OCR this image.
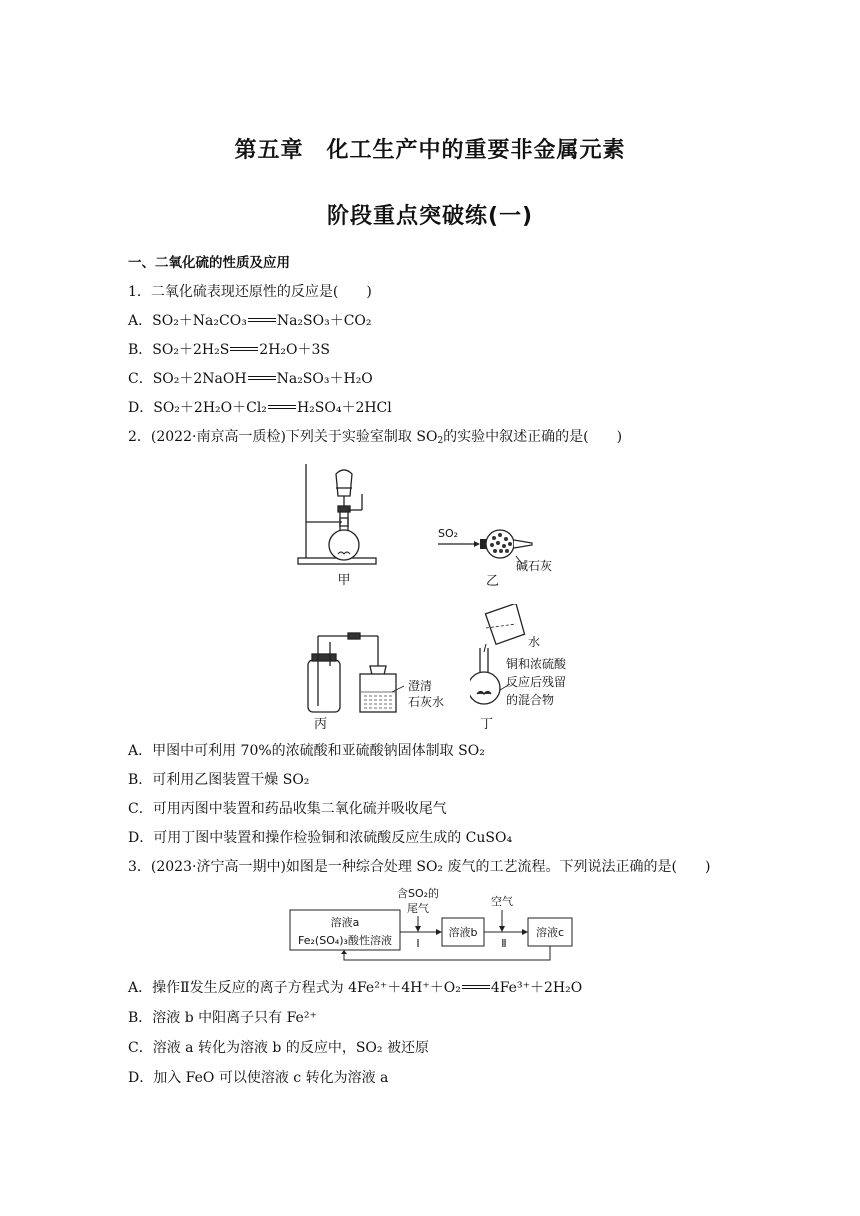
第五章　化工生产中的重要非金属元素
阶段重点突破练(一)
一、二氧化硫的性质及应用
1．二氧化硫表现还原性的反应是(　　)
A．SO₂＋Na₂CO₃ Na₂SO₃＋CO₂
B．SO₂＋2H₂S 2H₂O＋3S
C．SO₂＋2NaOH Na₂SO₃＋H₂O
D．SO₂＋2H₂O＋Cl₂ H₂SO₄＋2HCl
2．(2022·南京高一质检)下列关于实验室制取 $SO_2$的实验中叙述正确的是(　　)
甲
SO₂
碱石灰
乙
澄清
石灰水
丙
水
铜和浓硫酸
反应后残留
的混合物
丁
A．甲图中可利用 70%的浓硫酸和亚硫酸钠固体制取 SO₂
B．可利用乙图装置干燥 SO₂
C．可用丙图中装置和药品收集二氧化硫并吸收尾气
D．可用丁图中装置和操作检验铜和浓硫酸反应生成的 CuSO₄
3．(2023·济宁高一期中)如图是一种综合处理 SO₂ 废气的工艺流程。下列说法正确的是(　　)
溶液a
Fe₂(SO₄)₃酸性溶液
含SO₂的
尾气
Ⅰ
溶液b
空气
Ⅱ
溶液c
A．操作Ⅱ发生反应的离子方程式为 4Fe²⁺＋4H⁺＋O₂ 4Fe³⁺＋2H₂O
B．溶液 b 中阳离子只有 Fe²⁺
C．溶液 a 转化为溶液 b 的反应中，SO₂ 被还原
D．加入 FeO 可以使溶液 c 转化为溶液 a
